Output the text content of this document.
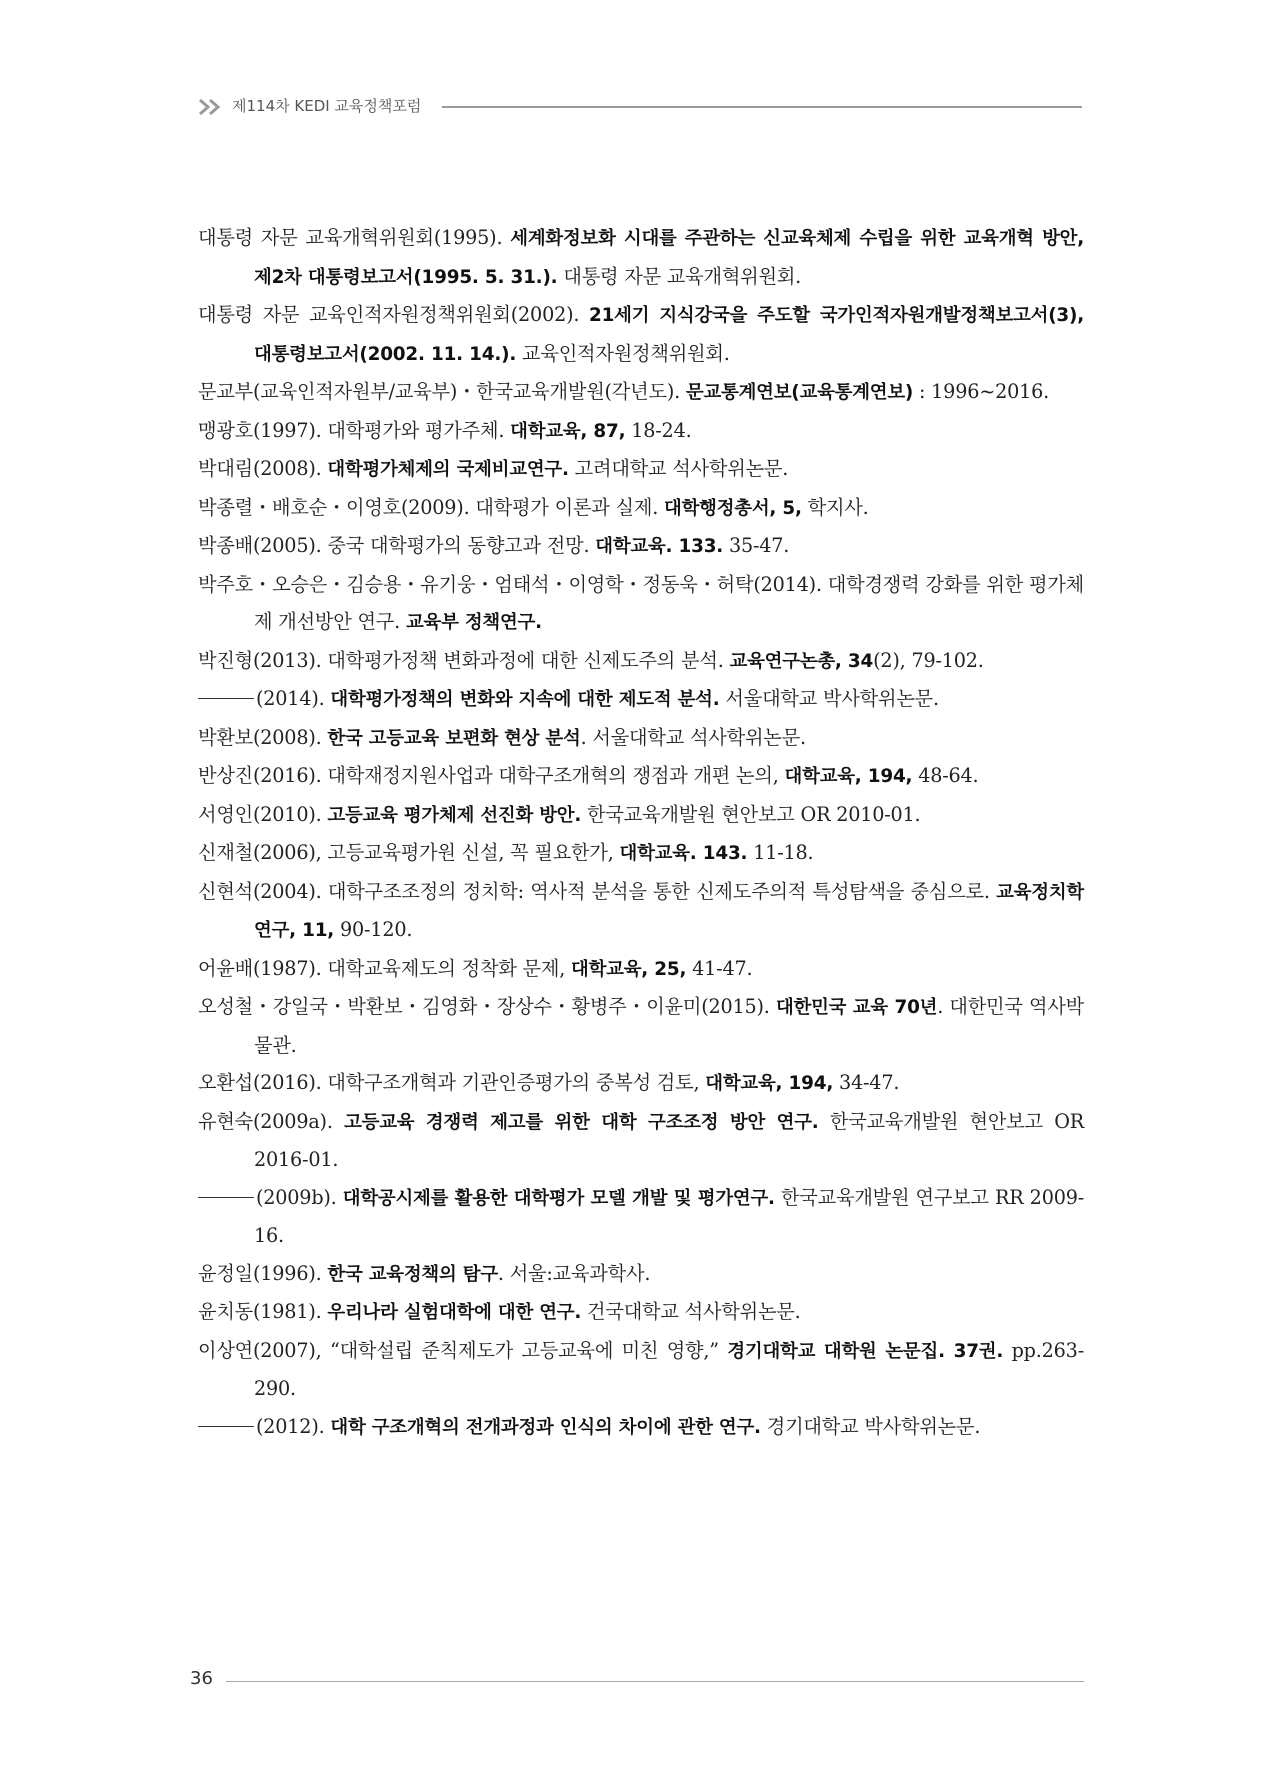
제114차 KEDI 교육정책포럼
대통령 자문 교육개혁위원회(1995). 세계화정보화 시대를 주관하는 신교육체제 수립을 위한 교육개혁 방안, 제2차 대통령보고서(1995. 5. 31.). 대통령 자문 교육개혁위원회.
대통령 자문 교육인적자원정책위원회(2002). 21세기 지식강국을 주도할 국가인적자원개발정책보고서(3), 대통령보고서(2002. 11. 14.). 교육인적자원정책위원회.
문교부(교육인적자원부/교육부)・한국교육개발원(각년도). 문교통계연보(교육통계연보) : 1996~2016.
맹광호(1997). 대학평가와 평가주체. 대학교육, 87, 18-24.
박대림(2008). 대학평가체제의 국제비교연구. 고려대학교 석사학위논문.
박종렬・배호순・이영호(2009). 대학평가 이론과 실제. 대학행정총서, 5, 학지사.
박종배(2005). 중국 대학평가의 동향고과 전망. 대학교육. 133. 35-47.
박주호・오승은・김승용・유기웅・엄태석・이영학・정동욱・허탁(2014). 대학경쟁력 강화를 위한 평가체제 개선방안 연구. 교육부 정책연구.
박진형(2013). 대학평가정책 변화과정에 대한 신제도주의 분석. 교육연구논총, 34(2), 79-102.
(2014). 대학평가정책의 변화와 지속에 대한 제도적 분석. 서울대학교 박사학위논문.
박환보(2008). 한국 고등교육 보편화 현상 분석. 서울대학교 석사학위논문.
반상진(2016). 대학재정지원사업과 대학구조개혁의 쟁점과 개편 논의, 대학교육, 194, 48-64.
서영인(2010). 고등교육 평가체제 선진화 방안. 한국교육개발원 현안보고 OR 2010-01.
신재철(2006), 고등교육평가원 신설, 꼭 필요한가, 대학교육. 143. 11-18.
신현석(2004). 대학구조조정의 정치학: 역사적 분석을 통한 신제도주의적 특성탐색을 중심으로. 교육정치학연구, 11, 90-120.
어윤배(1987). 대학교육제도의 정착화 문제, 대학교육, 25, 41-47.
오성철・강일국・박환보・김영화・장상수・황병주・이윤미(2015). 대한민국 교육 70년. 대한민국 역사박물관.
오환섭(2016). 대학구조개혁과 기관인증평가의 중복성 검토, 대학교육, 194, 34-47.
유현숙(2009a). 고등교육 경쟁력 제고를 위한 대학 구조조정 방안 연구. 한국교육개발원 현안보고 OR 2016-01.
(2009b). 대학공시제를 활용한 대학평가 모델 개발 및 평가연구. 한국교육개발원 연구보고 RR 2009-16.
윤정일(1996). 한국 교육정책의 탐구. 서울:교육과학사.
윤치동(1981). 우리나라 실험대학에 대한 연구. 건국대학교 석사학위논문.
이상연(2007), “대학설립 준칙제도가 고등교육에 미친 영향,” 경기대학교 대학원 논문집. 37권. pp.263-290.
(2012). 대학 구조개혁의 전개과정과 인식의 차이에 관한 연구. 경기대학교 박사학위논문.
36
